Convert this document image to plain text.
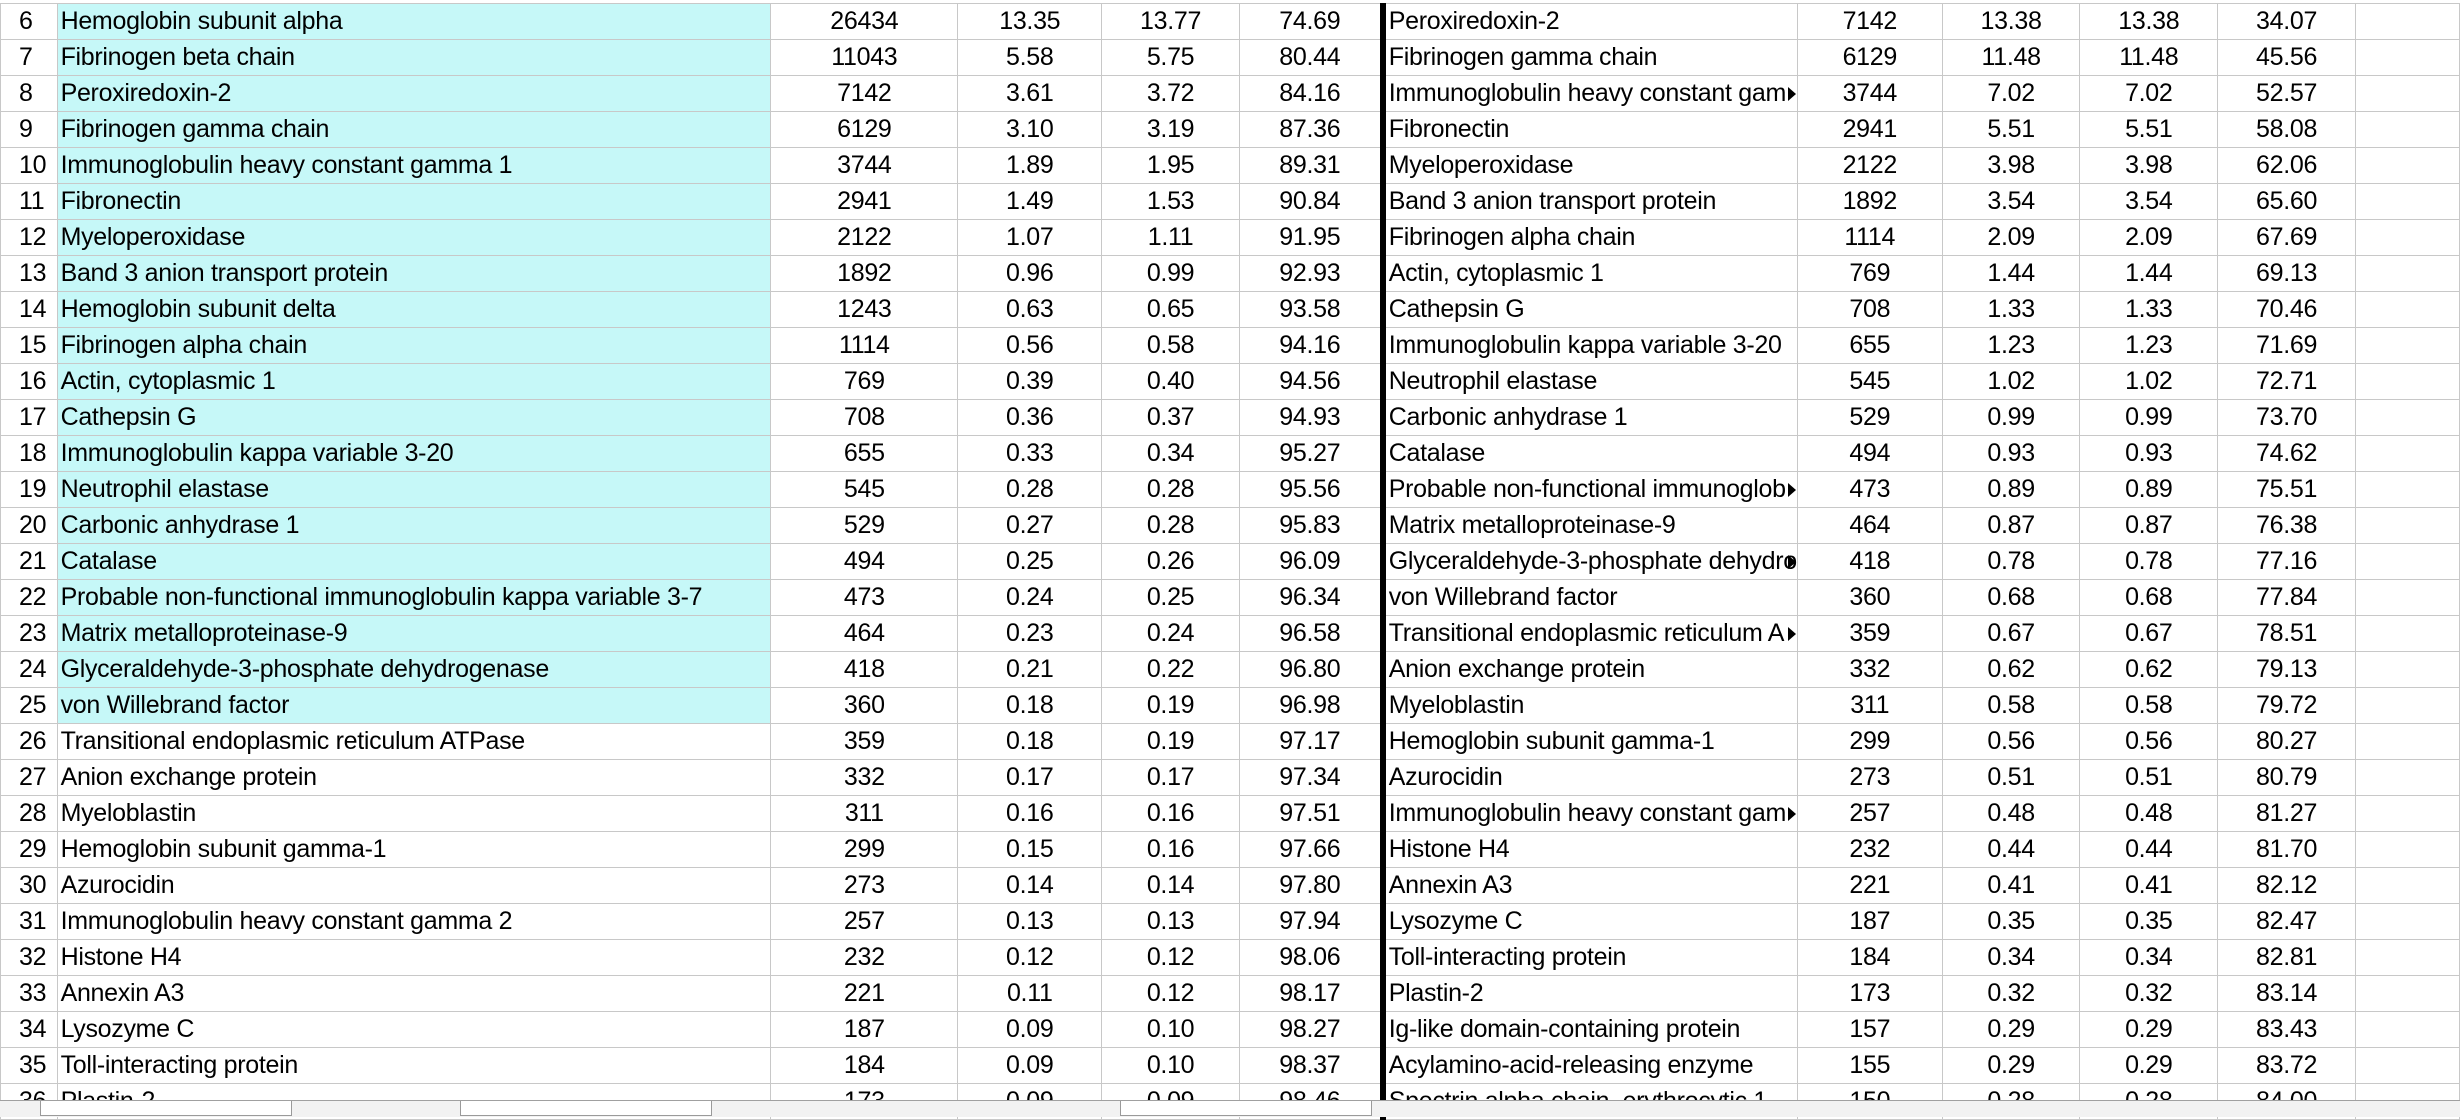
6	Hemoglobin subunit alpha	26434	13.35	13.77	74.69	Peroxiredoxin-2	7142	13.38	13.38	34.07	
7	Fibrinogen beta chain	11043	5.58	5.75	80.44	Fibrinogen gamma chain	6129	11.48	11.48	45.56	
8	Peroxiredoxin-2	7142	3.61	3.72	84.16	Immunoglobulin heavy constant gam	3744	7.02	7.02	52.57	
9	Fibrinogen gamma chain	6129	3.10	3.19	87.36	Fibronectin	2941	5.51	5.51	58.08	
10	Immunoglobulin heavy constant gamma 1	3744	1.89	1.95	89.31	Myeloperoxidase	2122	3.98	3.98	62.06	
11	Fibronectin	2941	1.49	1.53	90.84	Band 3 anion transport protein	1892	3.54	3.54	65.60	
12	Myeloperoxidase	2122	1.07	1.11	91.95	Fibrinogen alpha chain	1114	2.09	2.09	67.69	
13	Band 3 anion transport protein	1892	0.96	0.99	92.93	Actin, cytoplasmic 1	769	1.44	1.44	69.13	
14	Hemoglobin subunit delta	1243	0.63	0.65	93.58	Cathepsin G	708	1.33	1.33	70.46	
15	Fibrinogen alpha chain	1114	0.56	0.58	94.16	Immunoglobulin kappa variable 3-20	655	1.23	1.23	71.69	
16	Actin, cytoplasmic 1	769	0.39	0.40	94.56	Neutrophil elastase	545	1.02	1.02	72.71	
17	Cathepsin G	708	0.36	0.37	94.93	Carbonic anhydrase 1	529	0.99	0.99	73.70	
18	Immunoglobulin kappa variable 3-20	655	0.33	0.34	95.27	Catalase	494	0.93	0.93	74.62	
19	Neutrophil elastase	545	0.28	0.28	95.56	Probable non-functional immunoglob	473	0.89	0.89	75.51	
20	Carbonic anhydrase 1	529	0.27	0.28	95.83	Matrix metalloproteinase-9	464	0.87	0.87	76.38	
21	Catalase	494	0.25	0.26	96.09	Glyceraldehyde-3-phosphate dehydro	418	0.78	0.78	77.16	
22	Probable non-functional immunoglobulin kappa variable 3-7	473	0.24	0.25	96.34	von Willebrand factor	360	0.68	0.68	77.84	
23	Matrix metalloproteinase-9	464	0.23	0.24	96.58	Transitional endoplasmic reticulum A	359	0.67	0.67	78.51	
24	Glyceraldehyde-3-phosphate dehydrogenase	418	0.21	0.22	96.80	Anion exchange protein	332	0.62	0.62	79.13	
25	von Willebrand factor	360	0.18	0.19	96.98	Myeloblastin	311	0.58	0.58	79.72	
26	Transitional endoplasmic reticulum ATPase	359	0.18	0.19	97.17	Hemoglobin subunit gamma-1	299	0.56	0.56	80.27	
27	Anion exchange protein	332	0.17	0.17	97.34	Azurocidin	273	0.51	0.51	80.79	
28	Myeloblastin	311	0.16	0.16	97.51	Immunoglobulin heavy constant gam	257	0.48	0.48	81.27	
29	Hemoglobin subunit gamma-1	299	0.15	0.16	97.66	Histone H4	232	0.44	0.44	81.70	
30	Azurocidin	273	0.14	0.14	97.80	Annexin A3	221	0.41	0.41	82.12	
31	Immunoglobulin heavy constant gamma 2	257	0.13	0.13	97.94	Lysozyme C	187	0.35	0.35	82.47	
32	Histone H4	232	0.12	0.12	98.06	Toll-interacting protein	184	0.34	0.34	82.81	
33	Annexin A3	221	0.11	0.12	98.17	Plastin-2	173	0.32	0.32	83.14	
34	Lysozyme C	187	0.09	0.10	98.27	Ig-like domain-containing protein	157	0.29	0.29	83.43	
35	Toll-interacting protein	184	0.09	0.10	98.37	Acylamino-acid-releasing enzyme	155	0.29	0.29	83.72	
